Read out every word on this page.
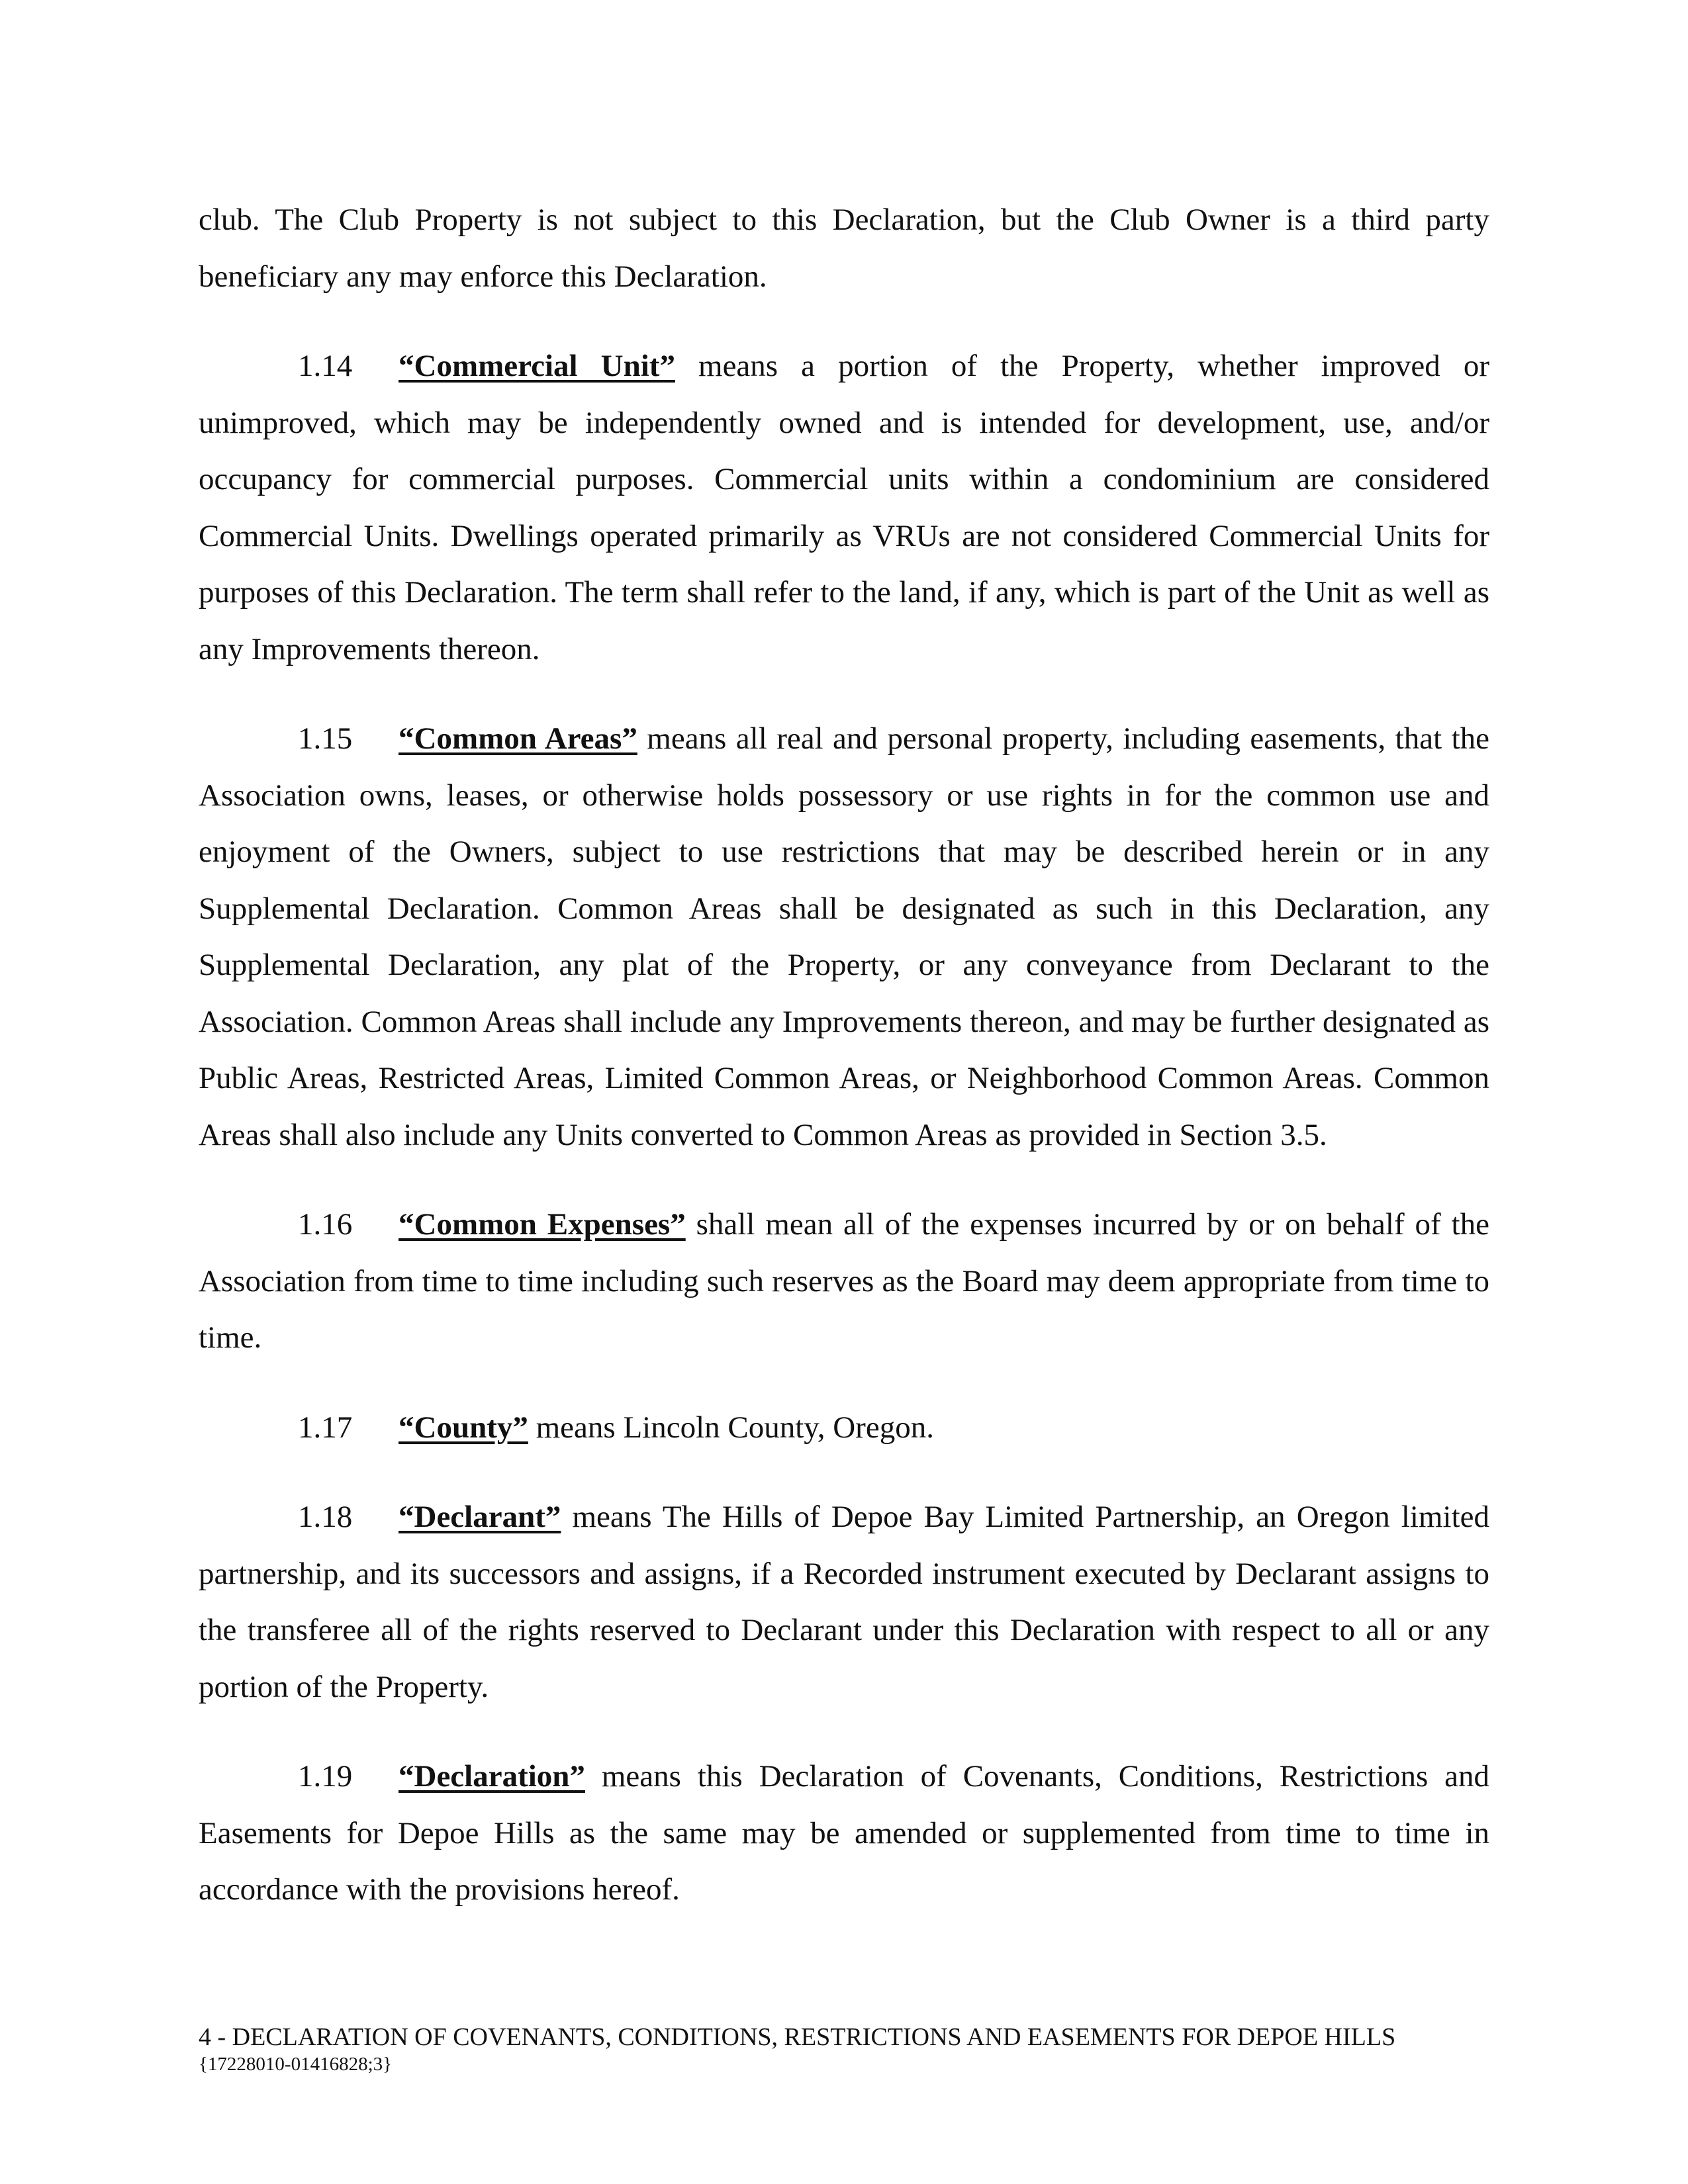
club. The Club Property is not subject to this Declaration, but the Club Owner is a third party beneficiary any may enforce this Declaration.

1.14 “Commercial Unit” means a portion of the Property, whether improved or unimproved, which may be independently owned and is intended for development, use, and/or occupancy for commercial purposes. Commercial units within a condominium are considered Commercial Units. Dwellings operated primarily as VRUs are not considered Commercial Units for purposes of this Declaration. The term shall refer to the land, if any, which is part of the Unit as well as any Improvements thereon.

1.15 “Common Areas” means all real and personal property, including easements, that the Association owns, leases, or otherwise holds possessory or use rights in for the common use and enjoyment of the Owners, subject to use restrictions that may be described herein or in any Supplemental Declaration. Common Areas shall be designated as such in this Declaration, any Supplemental Declaration, any plat of the Property, or any conveyance from Declarant to the Association. Common Areas shall include any Improvements thereon, and may be further designated as Public Areas, Restricted Areas, Limited Common Areas, or Neighborhood Common Areas. Common Areas shall also include any Units converted to Common Areas as provided in Section 3.5.

1.16 “Common Expenses” shall mean all of the expenses incurred by or on behalf of the Association from time to time including such reserves as the Board may deem appropriate from time to time.

1.17 “County” means Lincoln County, Oregon.

1.18 “Declarant” means The Hills of Depoe Bay Limited Partnership, an Oregon limited partnership, and its successors and assigns, if a Recorded instrument executed by Declarant assigns to the transferee all of the rights reserved to Declarant under this Declaration with respect to all or any portion of the Property.

1.19 “Declaration” means this Declaration of Covenants, Conditions, Restrictions and Easements for Depoe Hills as the same may be amended or supplemented from time to time in accordance with the provisions hereof.

4 - DECLARATION OF COVENANTS, CONDITIONS, RESTRICTIONS AND EASEMENTS FOR DEPOE HILLS
{17228010-01416828;3}
